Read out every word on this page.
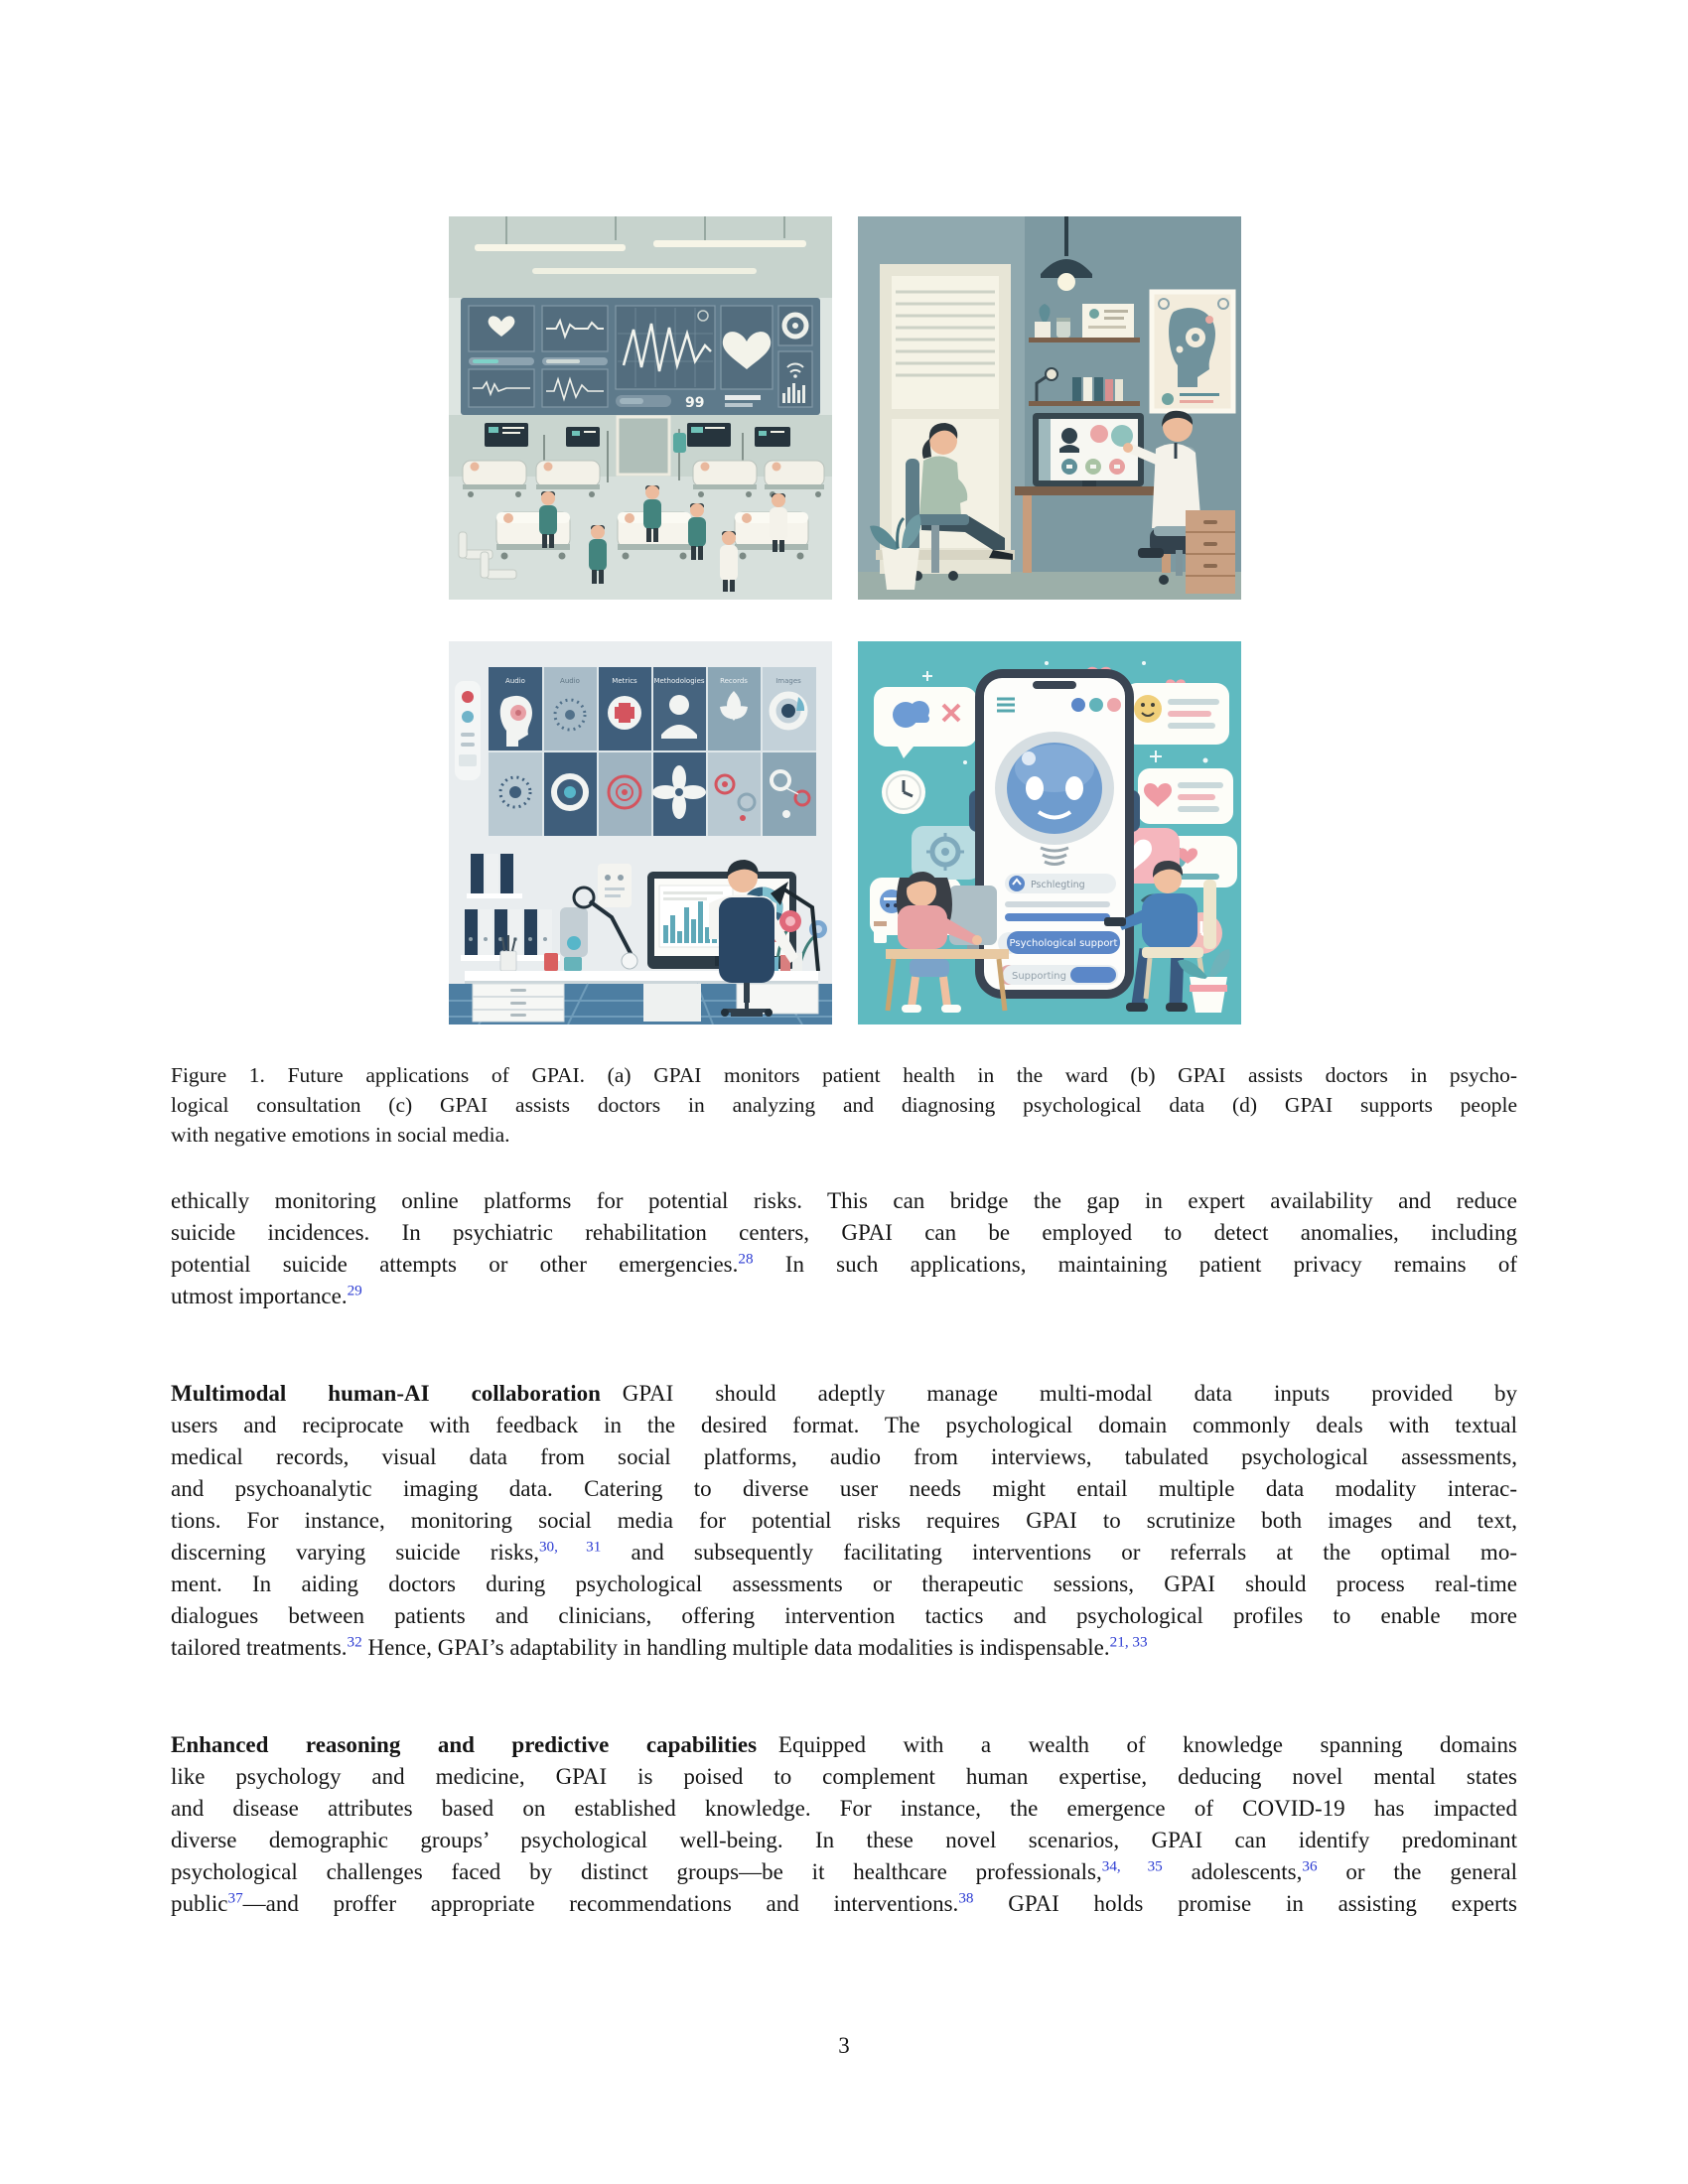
99
Audio	Audio	Metrics Methodologies Records	Images
Pschlegting
Psychological support
Supporting
Figure 1. Future applications of GPAI. (a) GPAI monitors patient health in the ward (b) GPAI assists doctors in psycho-
logical consultation (c) GPAI assists doctors in analyzing and diagnosing psychological data (d) GPAI supports people
with negative emotions in social media.
ethically monitoring online platforms for potential risks. This can bridge the gap in expert availability and reduce
suicide incidences. In psychiatric rehabilitation centers, GPAI can be employed to detect anomalies, including
potential suicide attempts or other emergencies.$^{28}$ In such applications, maintaining patient privacy remains of
utmost importance.$^{29}$
Multimodal human-AI collaboration GPAI should adeptly manage multi-modal data inputs provided by
users and reciprocate with feedback in the desired format. The psychological domain commonly deals with textual
medical records, visual data from social platforms, audio from interviews, tabulated psychological assessments,
and psychoanalytic imaging data. Catering to diverse user needs might entail multiple data modality interac-
tions. For instance, monitoring social media for potential risks requires GPAI to scrutinize both images and text,
discerning varying suicide risks,$^{30, 31}$ and subsequently facilitating interventions or referrals at the optimal mo-
ment. In aiding doctors during psychological assessments or therapeutic sessions, GPAI should process real-time
dialogues between patients and clinicians, offering intervention tactics and psychological profiles to enable more
tailored treatments.$^{32}$ Hence, GPAI’s adaptability in handling multiple data modalities is indispensable.$^{21, 33}$
Enhanced reasoning and predictive capabilities Equipped with a wealth of knowledge spanning domains
like psychology and medicine, GPAI is poised to complement human expertise, deducing novel mental states
and disease attributes based on established knowledge. For instance, the emergence of COVID-19 has impacted
diverse demographic groups’ psychological well-being. In these novel scenarios, GPAI can identify predominant
psychological challenges faced by distinct groups—be it healthcare professionals,$^{34, 35}$ adolescents,$^{36}$ or the general
public$^{37}$—and proffer appropriate recommendations and interventions.$^{38}$ GPAI holds promise in assisting experts
3
